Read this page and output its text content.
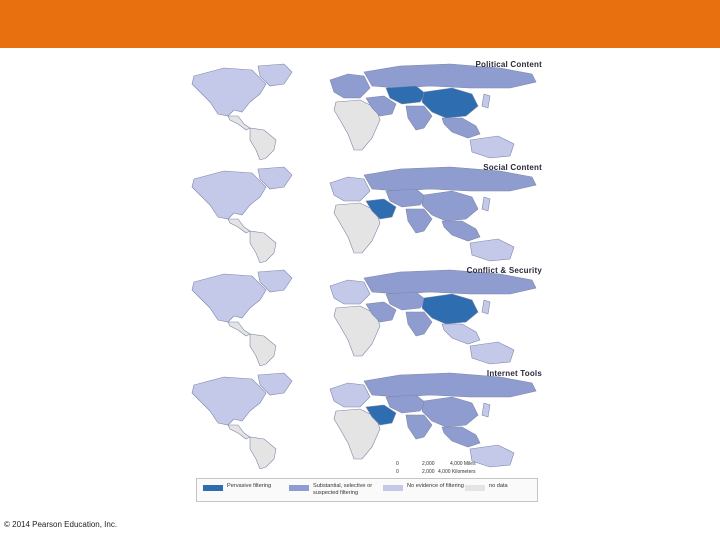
Political Content
Social Content
Conflict & Security
Internet Tools
0	2,000	4,000 Miles
0	2,000 4,000 Kilometers
Pervasive filtering	Substantial, selective or suspected filtering
No evidence of filtering	no data
© 2014 Pearson Education, Inc.
